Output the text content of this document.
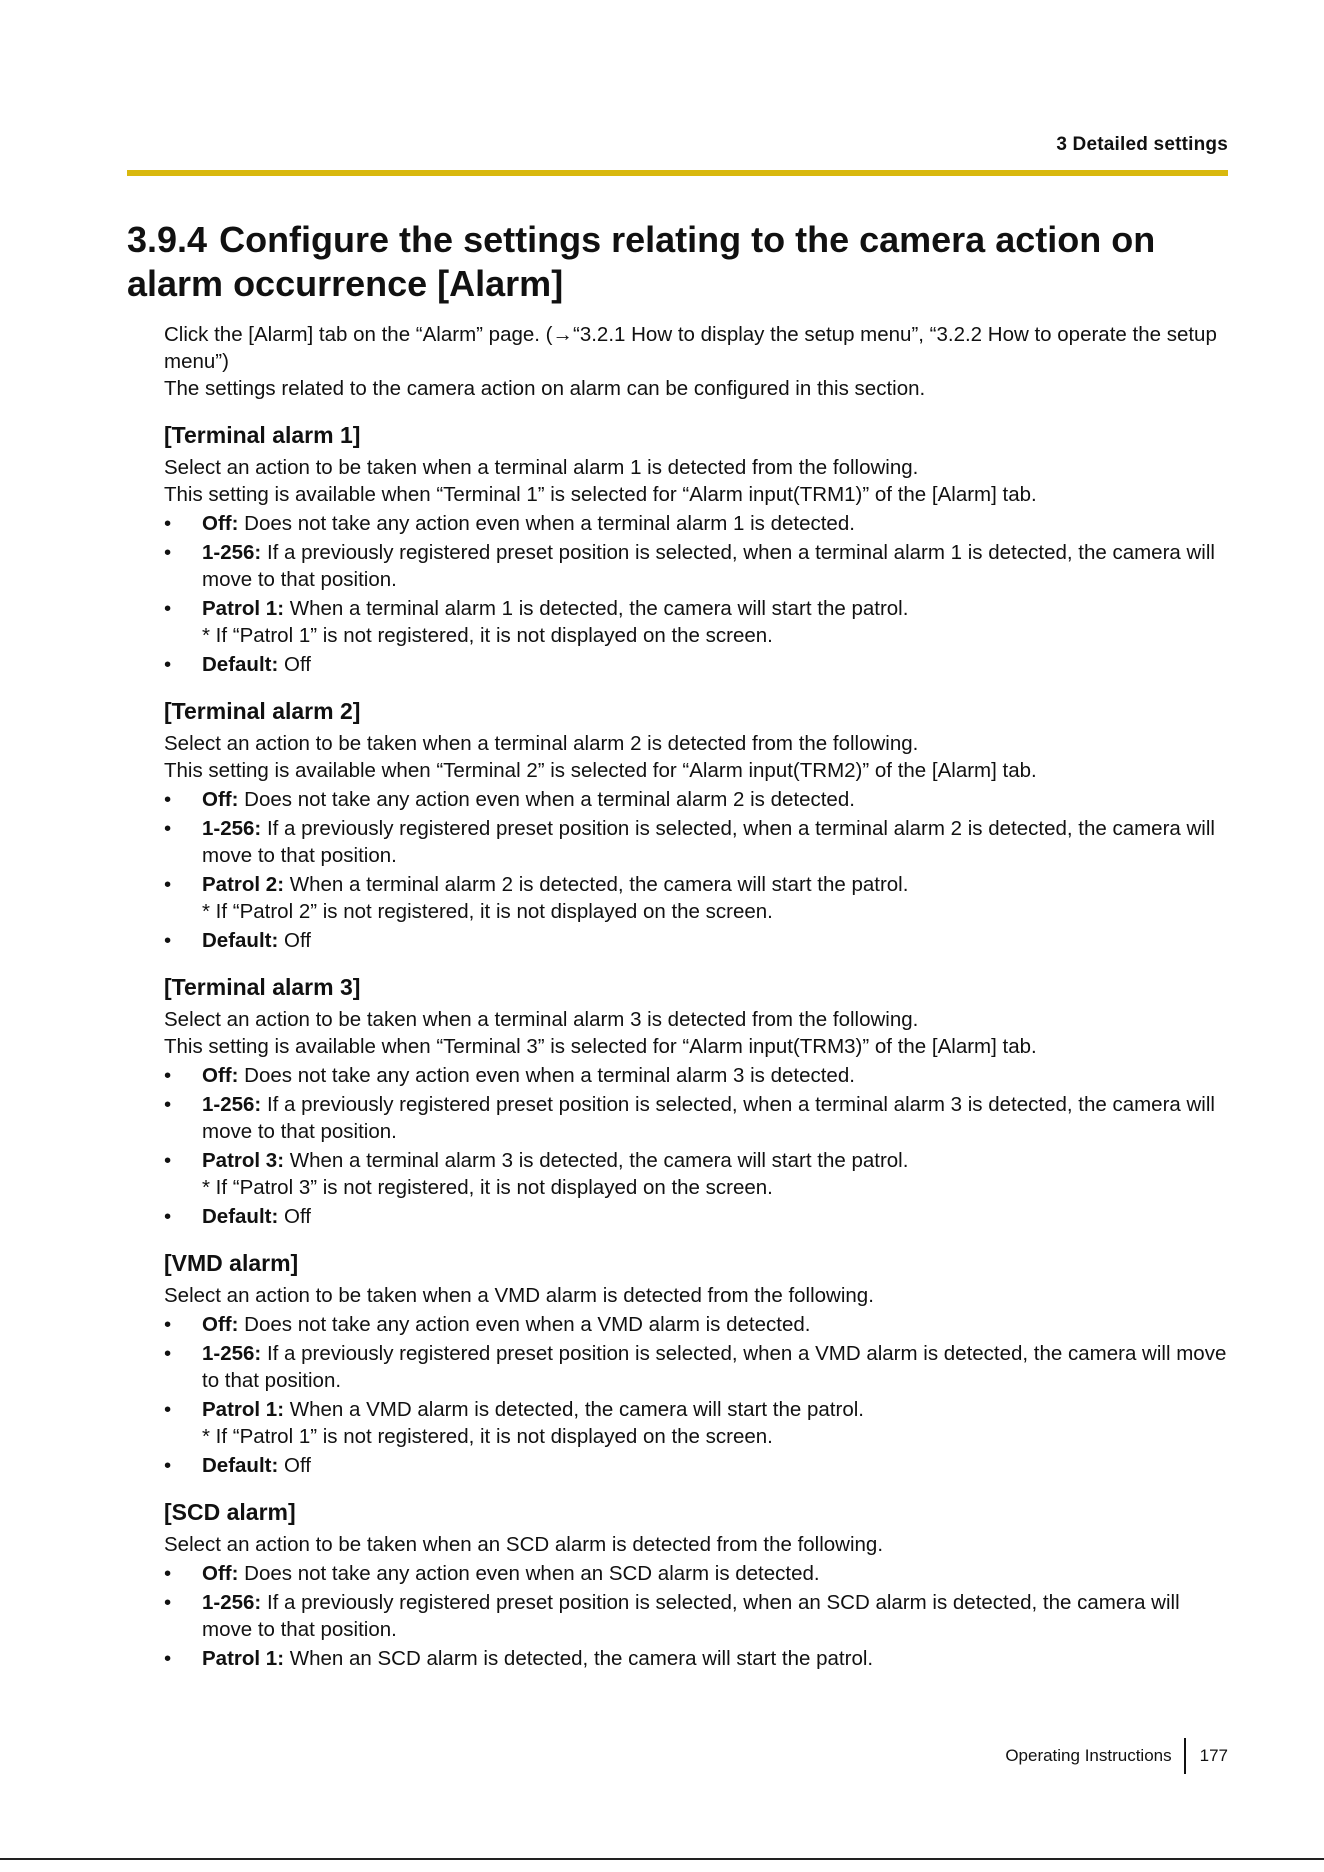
3 Detailed settings
3.9.4 Configure the settings relating to the camera action on alarm occurrence [Alarm]

Click the [Alarm] tab on the “Alarm” page. (→“3.2.1 How to display the setup menu”, “3.2.2 How to operate the setup menu”)

The settings related to the camera action on alarm can be configured in this section.

[Terminal alarm 1]

Select an action to be taken when a terminal alarm 1 is detected from the following.

This setting is available when “Terminal 1” is selected for “Alarm input(TRM1)” of the [Alarm] tab.

• Off: Does not take any action even when a terminal alarm 1 is detected.
• 1-256: If a previously registered preset position is selected, when a terminal alarm 1 is detected, the camera will move to that position.
• Patrol 1: When a terminal alarm 1 is detected, the camera will start the patrol.
* If “Patrol 1” is not registered, it is not displayed on the screen.
• Default: Off
[Terminal alarm 2]

Select an action to be taken when a terminal alarm 2 is detected from the following.

This setting is available when “Terminal 2” is selected for “Alarm input(TRM2)” of the [Alarm] tab.

• Off: Does not take any action even when a terminal alarm 2 is detected.
• 1-256: If a previously registered preset position is selected, when a terminal alarm 2 is detected, the camera will move to that position.
• Patrol 2: When a terminal alarm 2 is detected, the camera will start the patrol.
* If “Patrol 2” is not registered, it is not displayed on the screen.
• Default: Off
[Terminal alarm 3]

Select an action to be taken when a terminal alarm 3 is detected from the following.

This setting is available when “Terminal 3” is selected for “Alarm input(TRM3)” of the [Alarm] tab.

• Off: Does not take any action even when a terminal alarm 3 is detected.
• 1-256: If a previously registered preset position is selected, when a terminal alarm 3 is detected, the camera will move to that position.
• Patrol 3: When a terminal alarm 3 is detected, the camera will start the patrol.
* If “Patrol 3” is not registered, it is not displayed on the screen.
• Default: Off
[VMD alarm]

Select an action to be taken when a VMD alarm is detected from the following.

• Off: Does not take any action even when a VMD alarm is detected.
• 1-256: If a previously registered preset position is selected, when a VMD alarm is detected, the camera will move to that position.
• Patrol 1: When a VMD alarm is detected, the camera will start the patrol.
* If “Patrol 1” is not registered, it is not displayed on the screen.
• Default: Off
[SCD alarm]

Select an action to be taken when an SCD alarm is detected from the following.

• Off: Does not take any action even when an SCD alarm is detected.
• 1-256: If a previously registered preset position is selected, when an SCD alarm is detected, the camera will move to that position.
• Patrol 1: When an SCD alarm is detected, the camera will start the patrol.
Operating Instructions 177
